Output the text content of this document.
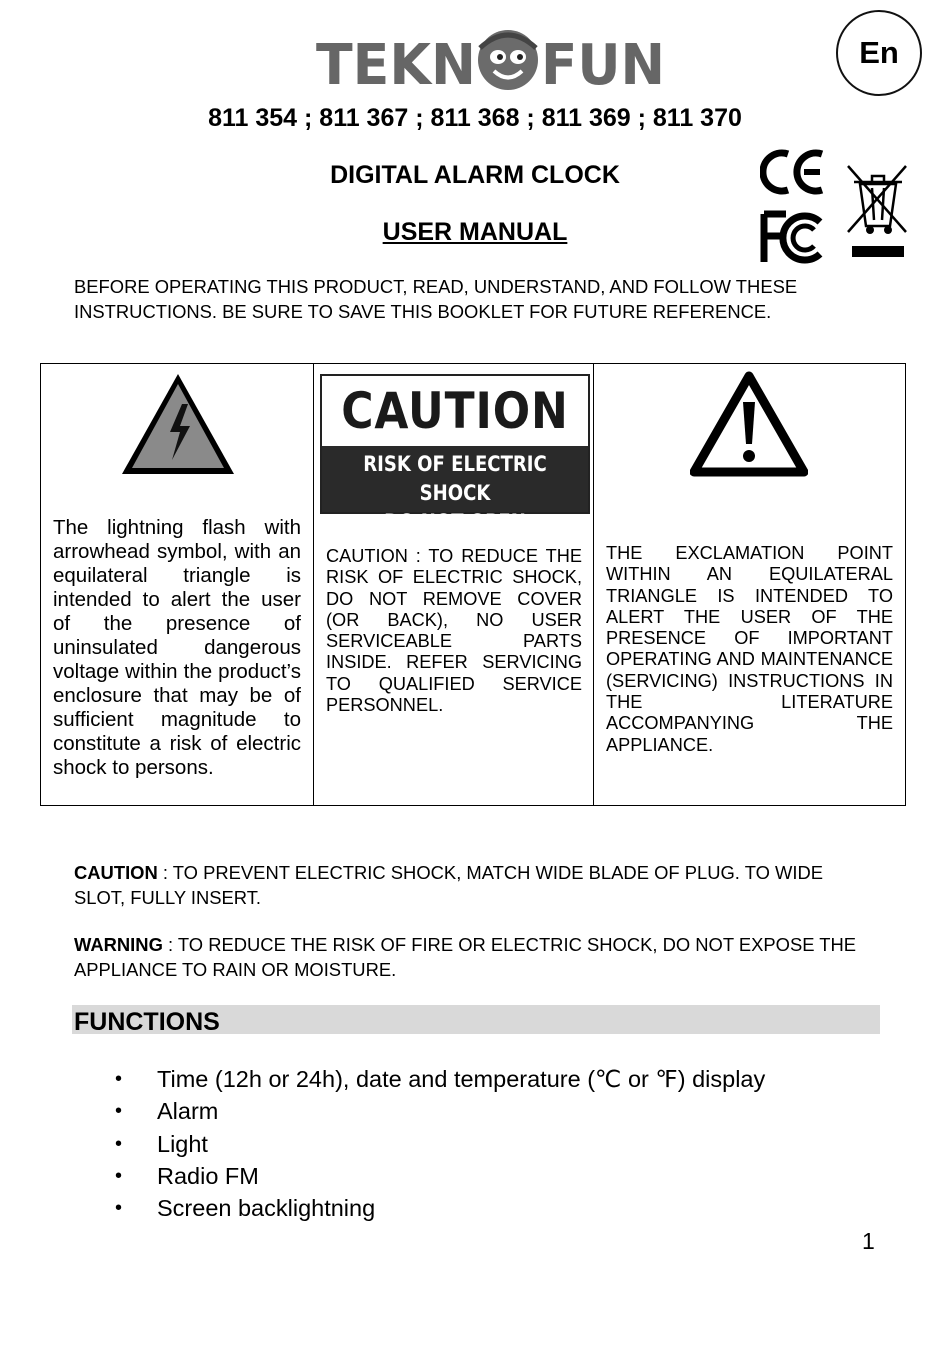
TEKN FUN	En
811 354 ; 811 367 ; 811 368 ; 811 369 ; 811 370
DIGITAL ALARM CLOCK
USER MANUAL
BEFORE OPERATING THIS PRODUCT, READ, UNDERSTAND, AND FOLLOW THESE INSTRUCTIONS. BE SURE TO SAVE THIS BOOKLET FOR FUTURE REFERENCE.
CAUTION
RISK OF ELECTRIC SHOCK
DO NOT OPEN
The lightning flash with arrowhead symbol, with an equilateral triangle is intended to alert the user of the presence of uninsulated dangerous voltage within the product’s enclosure that may be of sufficient magnitude to constitute a risk of electric shock to persons.
CAUTION : TO REDUCE THE RISK OF ELECTRIC SHOCK, DO NOT REMOVE COVER (OR BACK), NO USER SERVICEABLE PARTS INSIDE. REFER SERVICING TO QUALIFIED SERVICE PERSONNEL.
THE EXCLAMATION POINT WITHIN AN EQUILATERAL TRIANGLE IS INTENDED TO ALERT THE USER OF THE PRESENCE OF IMPORTANT OPERATING AND MAINTENANCE (SERVICING) INSTRUCTIONS IN THE LITERATURE ACCOMPANYING THE APPLIANCE.
CAUTION : TO PREVENT ELECTRIC SHOCK, MATCH WIDE BLADE OF PLUG. TO WIDE SLOT, FULLY INSERT.
WARNING : TO REDUCE THE RISK OF FIRE OR ELECTRIC SHOCK, DO NOT EXPOSE THE APPLIANCE TO RAIN OR MOISTURE.
FUNCTIONS
• Time (12h or 24h), date and temperature (℃ or ℉) display
• Alarm
• Light
• Radio FM
• Screen backlightning
1
